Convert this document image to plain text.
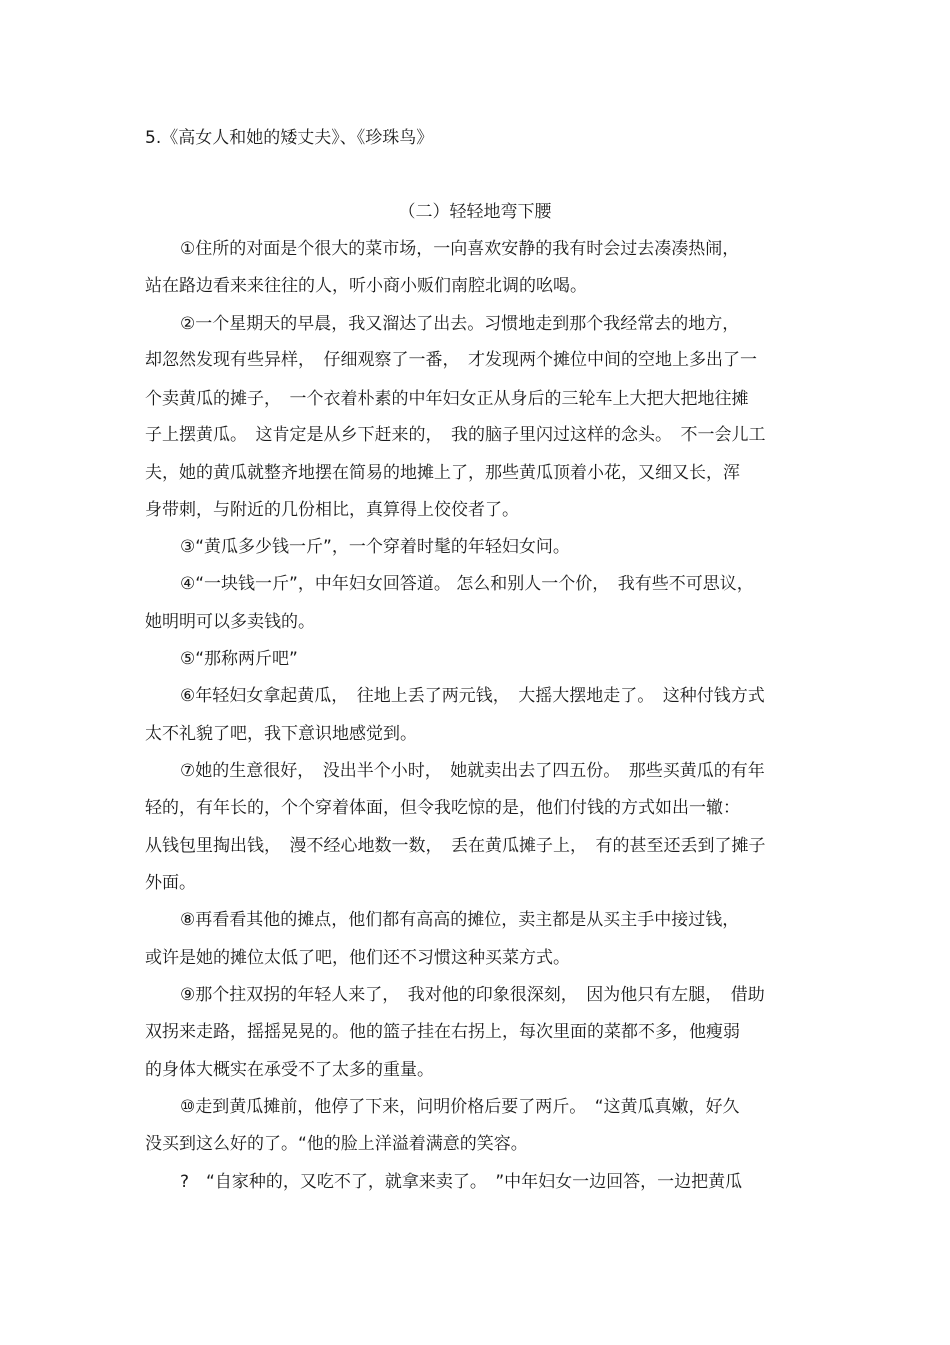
5.《高女人和她的矮丈夫》、《珍珠鸟》
（二）轻轻地弯下腰
①住所的对面是个很大的菜市场，一向喜欢安静的我有时会过去凑凑热闹，
站在路边看来来往往的人，听小商小贩们南腔北调的吆喝。
②一个星期天的早晨，我又溜达了出去。习惯地走到那个我经常去的地方，
却忽然发现有些异样，　仔细观察了一番，　才发现两个摊位中间的空地上多出了一
个卖黄瓜的摊子，　一个衣着朴素的中年妇女正从身后的三轮车上大把大把地往摊
子上摆黄瓜。　这肯定是从乡下赶来的，　我的脑子里闪过这样的念头。　不一会儿工
夫，她的黄瓜就整齐地摆在简易的地摊上了，那些黄瓜顶着小花，又细又长，浑
身带刺，与附近的几份相比，真算得上佼佼者了。
③“黄瓜多少钱一斤”，一个穿着时髦的年轻妇女问。
④“一块钱一斤”，中年妇女回答道。 怎么和别人一个价，　我有些不可思议，
她明明可以多卖钱的。
⑤“那称两斤吧”
⑥年轻妇女拿起黄瓜，　往地上丢了两元钱，　大摇大摆地走了。　这种付钱方式
太不礼貌了吧，我下意识地感觉到。
⑦她的生意很好，　没出半个小时，　她就卖出去了四五份。　那些买黄瓜的有年
轻的，有年长的，个个穿着体面，但令我吃惊的是，他们付钱的方式如出一辙：
从钱包里掏出钱，　漫不经心地数一数，　丢在黄瓜摊子上，　有的甚至还丢到了摊子
外面。
⑧再看看其他的摊点，他们都有高高的摊位，卖主都是从买主手中接过钱，
或许是她的摊位太低了吧，他们还不习惯这种买菜方式。
⑨那个拄双拐的年轻人来了，　我对他的印象很深刻，　因为他只有左腿，　借助
双拐来走路，摇摇晃晃的。他的篮子挂在右拐上，每次里面的菜都不多，他瘦弱
的身体大概实在承受不了太多的重量。
⑩走到黄瓜摊前，他停了下来，问明价格后要了两斤。　“这黄瓜真嫩，好久
没买到这么好的了。“他的脸上洋溢着满意的笑容。
?　“自家种的，又吃不了，就拿来卖了。　”中年妇女一边回答，一边把黄瓜
